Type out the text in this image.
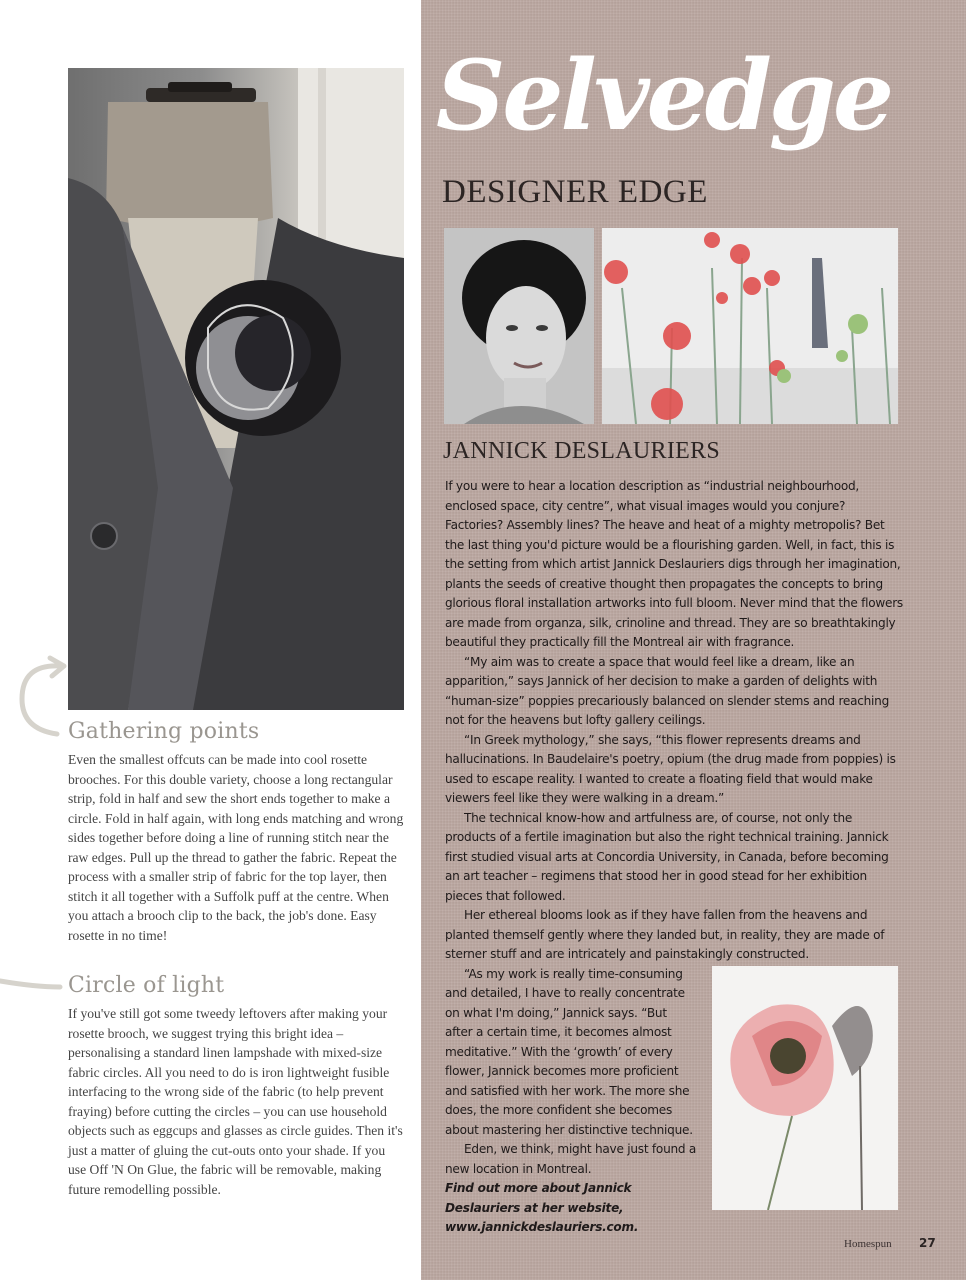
Gathering points

Even the smallest offcuts can be made into cool rosette brooches. For this double variety, choose a long rectangular strip, fold in half and sew the short ends together to make a circle. Fold in half again, with long ends matching and wrong sides together before doing a line of running stitch near the raw edges. Pull up the thread to gather the fabric. Repeat the process with a smaller strip of fabric for the top layer, then stitch it all together with a Suffolk puff at the centre. When you attach a brooch clip to the back, the job's done. Easy rosette in no time!

Circle of light

If you've still got some tweedy leftovers after making your rosette brooch, we suggest trying this bright idea – personalising a standard linen lampshade with mixed-size fabric circles. All you need to do is iron lightweight fusible interfacing to the wrong side of the fabric (to help prevent fraying) before cutting the circles – you can use household objects such as eggcups and glasses as circle guides. Then it's just a matter of gluing the cut-outs onto your shade. If you use Off 'N On Glue, the fabric will be removable, making future remodelling possible.

Selvedge
DESIGNER EDGE
JANNICK DESLAURIERS

If you were to hear a location description as “industrial neighbourhood, enclosed space, city centre”, what visual images would you conjure? Factories? Assembly lines? The heave and heat of a mighty metropolis? Bet the last thing you'd picture would be a flourishing garden. Well, in fact, this is the setting from which artist Jannick Deslauriers digs through her imagination, plants the seeds of creative thought then propagates the concepts to bring glorious floral installation artworks into full bloom. Never mind that the flowers are made from organza, silk, crinoline and thread. They are so breathtakingly beautiful they practically fill the Montreal air with fragrance.

“My aim was to create a space that would feel like a dream, like an apparition,” says Jannick of her decision to make a garden of delights with “human-size” poppies precariously balanced on slender stems and reaching not for the heavens but lofty gallery ceilings.

“In Greek mythology,” she says, “this flower represents dreams and hallucinations. In Baudelaire's poetry, opium (the drug made from poppies) is used to escape reality. I wanted to create a floating field that would make viewers feel like they were walking in a dream.”

The technical know-how and artfulness are, of course, not only the products of a fertile imagination but also the right technical training. Jannick first studied visual arts at Concordia University, in Canada, before becoming an art teacher – regimens that stood her in good stead for her exhibition pieces that followed.

Her ethereal blooms look as if they have fallen from the heavens and planted themself gently where they landed but, in reality, they are made of sterner stuff and are intricately and painstakingly constructed.

“As my work is really time-consuming and detailed, I have to really concentrate on what I'm doing,” Jannick says. “But after a certain time, it becomes almost meditative.” With the ‘growth’ of every flower, Jannick becomes more proficient and satisfied with her work. The more she does, the more confident she becomes about mastering her distinctive technique.

Eden, we think, might have just found a new location in Montreal.

Find out more about Jannick Deslauriers at her website, www.jannickdeslauriers.com.

Homespun 27
